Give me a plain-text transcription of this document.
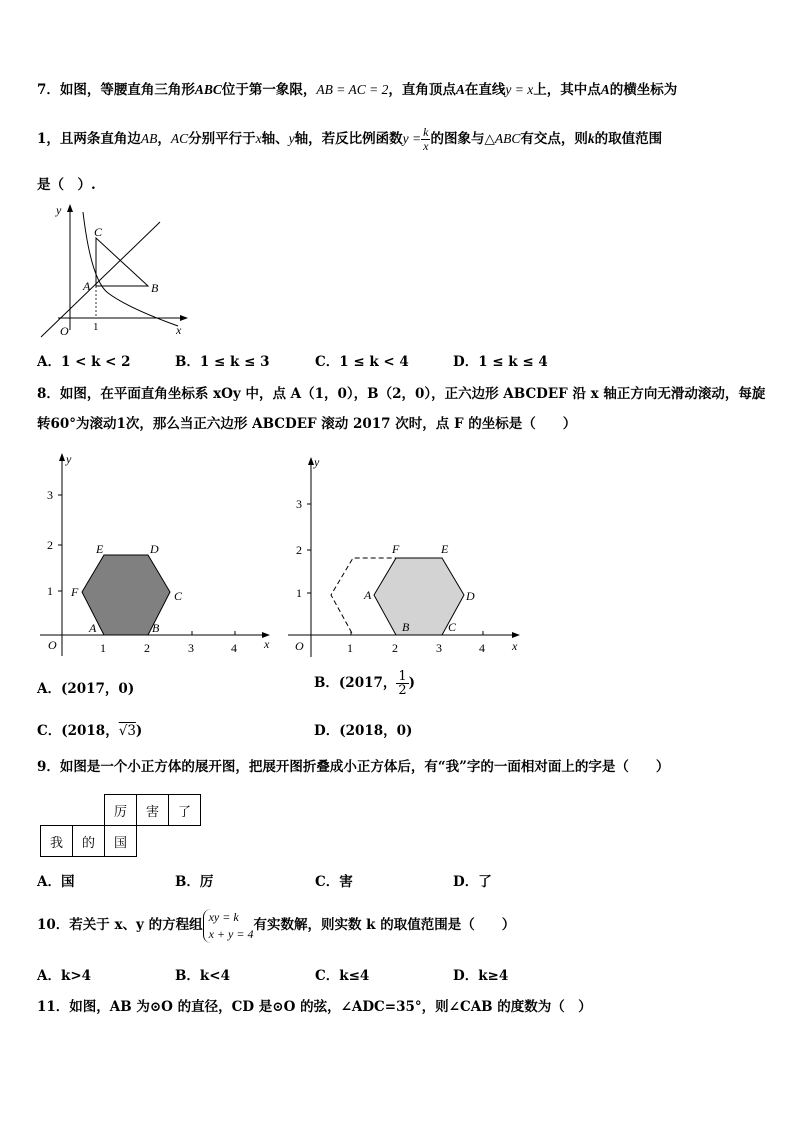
7．如图，等腰直角三角形ABC位于第一象限，AB = AC = 2，直角顶点A在直线y = x上，其中点A的横坐标为
1，且两条直角边AB，AC分别平行于x轴、y轴，若反比例函数$y = \frac{k}{x}$ 的图象与△ABC有交点，则k的取值范围
是（　）.
y
x
O
C
A	B
1
A．1 < k < 2	B．1 ≤ k ≤ 3	C．1 ≤ k < 4	D．1 ≤ k ≤ 4
8．如图，在平面直角坐标系 xOy 中，点 A（1，0），B（2，0），正六边形 ABCDEF 沿 x 轴正方向无滑动滚动，每旋
转60°为滚动1次，那么当正六边形 ABCDEF 滚动 2017 次时，点 F 的坐标是（　　）
y
x
O	1	2	3	4
1
2
3
E	D
F	C
A	B
y
x
O	1	2	3	4
1
2
3
F	E
A	D
B	C
A．(2017，0)	B．(2017， $\frac{1}{2}$ )
C．(2018，√3)	D．(2018，0)
9．如图是一个小正方体的展开图，把展开图折叠成小正方体后，有“我”字的一面相对面上的字是（　　）
		厉	害	了
我	的	国		
A．国	B．厉	C．害	D．了
10．若关于 x、y 的方程组
xy = k
x + y = 4
有实数解，则实数 k 的取值范围是（　　）
A．k>4	B．k<4	C．k≤4	D．k≥4
11．如图，AB 为⊙O 的直径，CD 是⊙O 的弦，∠ADC=35°，则∠CAB 的度数为（　）
